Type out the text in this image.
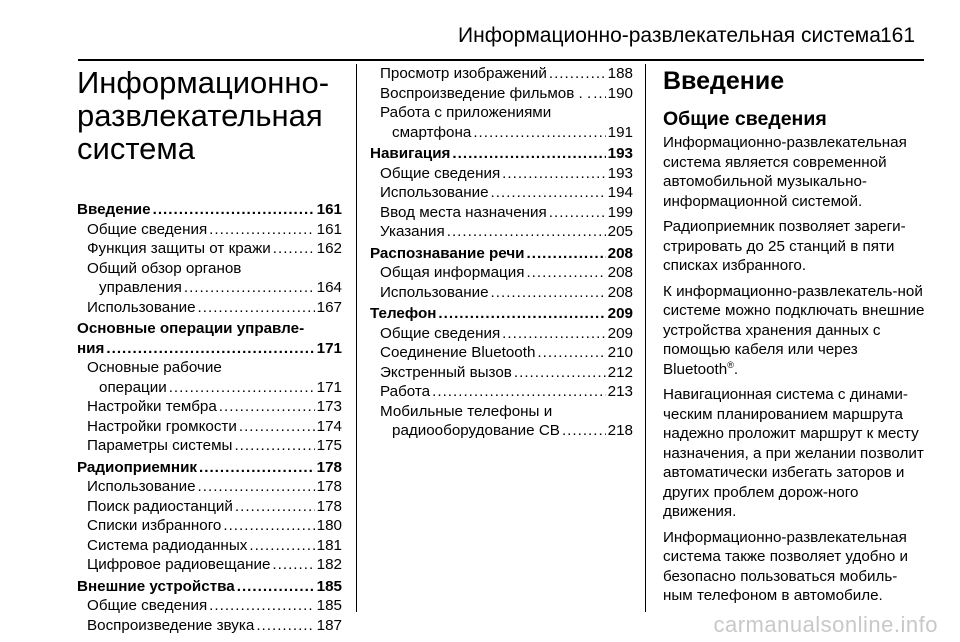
Информационно-развлекательная система 161
Информационно-
развлекательная
система
Введение .....	161
Общие сведения .....	161
Функция защиты от кражи .....	162
Общий обзор органов
управления .....	164
Использование .....	167
Основные операции управле-
ния .....	171
Основные рабочие
операции .....	171
Настройки тембра .....	173
Настройки громкости .....	174
Параметры системы .....	175
Радиоприемник .....	178
Использование .....	178
Поиск радиостанций .....	178
Списки избранного .....	180
Система радиоданных .....	181
Цифровое радиовещание .....	182
Внешние устройства .....	185
Общие сведения .....	185
Воспроизведение звука .....	187
Просмотр изображений .....	188
Воспроизведение фильмов . . ..... 190
Работа с приложениями
смартфона .....	191
Навигация .....	193
Общие сведения .....	193
Использование .....	194
Ввод места назначения .....	199
Указания .....	205
Распознавание речи .....	208
Общая информация .....	208
Использование .....	208
Телефон .....	209
Общие сведения .....	209
Соединение Bluetooth .....	210
Экстренный вызов .....	212
Работа .....	213
Мобильные телефоны и
радиооборудование CB .....	218
Введение
Общие сведения

Информационно-развлекательная система является современной автомобильной музыкально-информационной системой.

Радиоприемник позволяет зареги-стрировать до 25 станций в пяти списках избранного.

К информационно-развлекатель-ной системе можно подключать внешние устройства хранения данных с помощью кабеля или через Bluetooth®.

Навигационная система с динами-ческим планированием маршрута надежно проложит маршрут к месту назначения, а при желании позволит автоматически избегать заторов и других проблем дорож-ного движения.

Информационно-развлекательная система также позволяет удобно и безопасно пользоваться мобиль-ным телефоном в автомобиле.

carmanualsonline.info
